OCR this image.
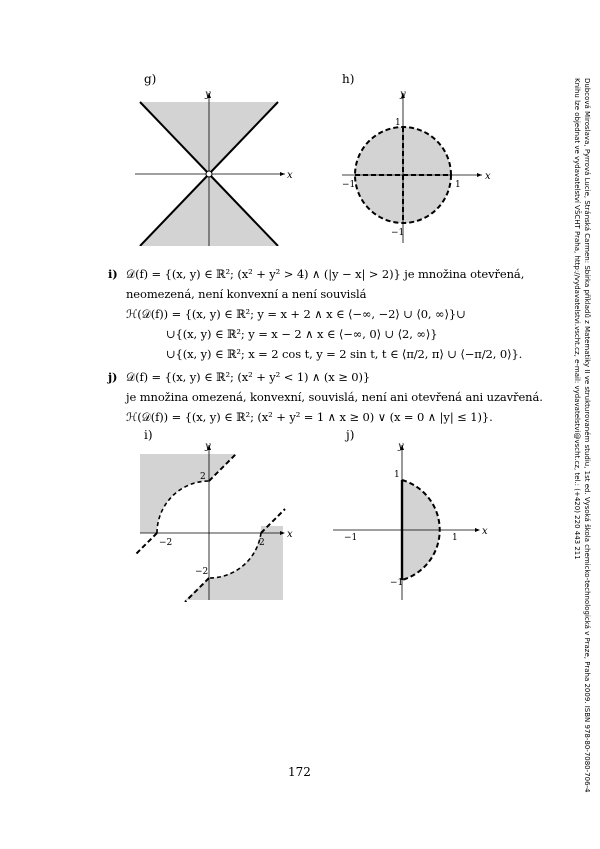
g)	h)
x
y
x
y
1
−1
1
−1
i) 𝒟(f) = {(x, y) ∈ ℝ²; (x² + y² > 4) ∧ (|y − x| > 2)} je množina otevřená,
neomezená, není konvexní a není souvislá
ℋ(𝒟(f)) = {(x, y) ∈ ℝ²; y = x + 2 ∧ x ∈ ⟨−∞, −2⟩ ∪ ⟨0, ∞⟩}∪
∪{(x, y) ∈ ℝ²; y = x − 2 ∧ x ∈ ⟨−∞, 0⟩ ∪ ⟨2, ∞⟩}
∪{(x, y) ∈ ℝ²; x = 2 cos t, y = 2 sin t, t ∈ ⟨π/2, π⟩ ∪ ⟨−π/2, 0⟩}.
j) 𝒟(f) = {(x, y) ∈ ℝ²; (x² + y² < 1) ∧ (x ≥ 0)}
je množina omezená, konvexní, souvislá, není ani otevřená ani uzavřená.
ℋ(𝒟(f)) = {(x, y) ∈ ℝ²; (x² + y² = 1 ∧ x ≥ 0) ∨ (x = 0 ∧ |y| ≤ 1)}.
i)	j)
x
y
2
−2
−2	2
x
y
−1	1
1
−1
172	Dubcová Miroslava, Pyrrová Lucie, Stránská Carmen: Sbírka příkladů z Matematiky II ve strukturovaném studiu, 1st ed. Vysoká škola chemicko-technologická v Praze, Praha 2009. ISBN 978-80-7080-706-4
Knihu lze objednat ve vydavatelství VŠCHT Praha, http://vydavatelstvi.vscht.cz, e-mail: vydavatelstvi@vscht.cz, tel.: (+420) 220 443 211
